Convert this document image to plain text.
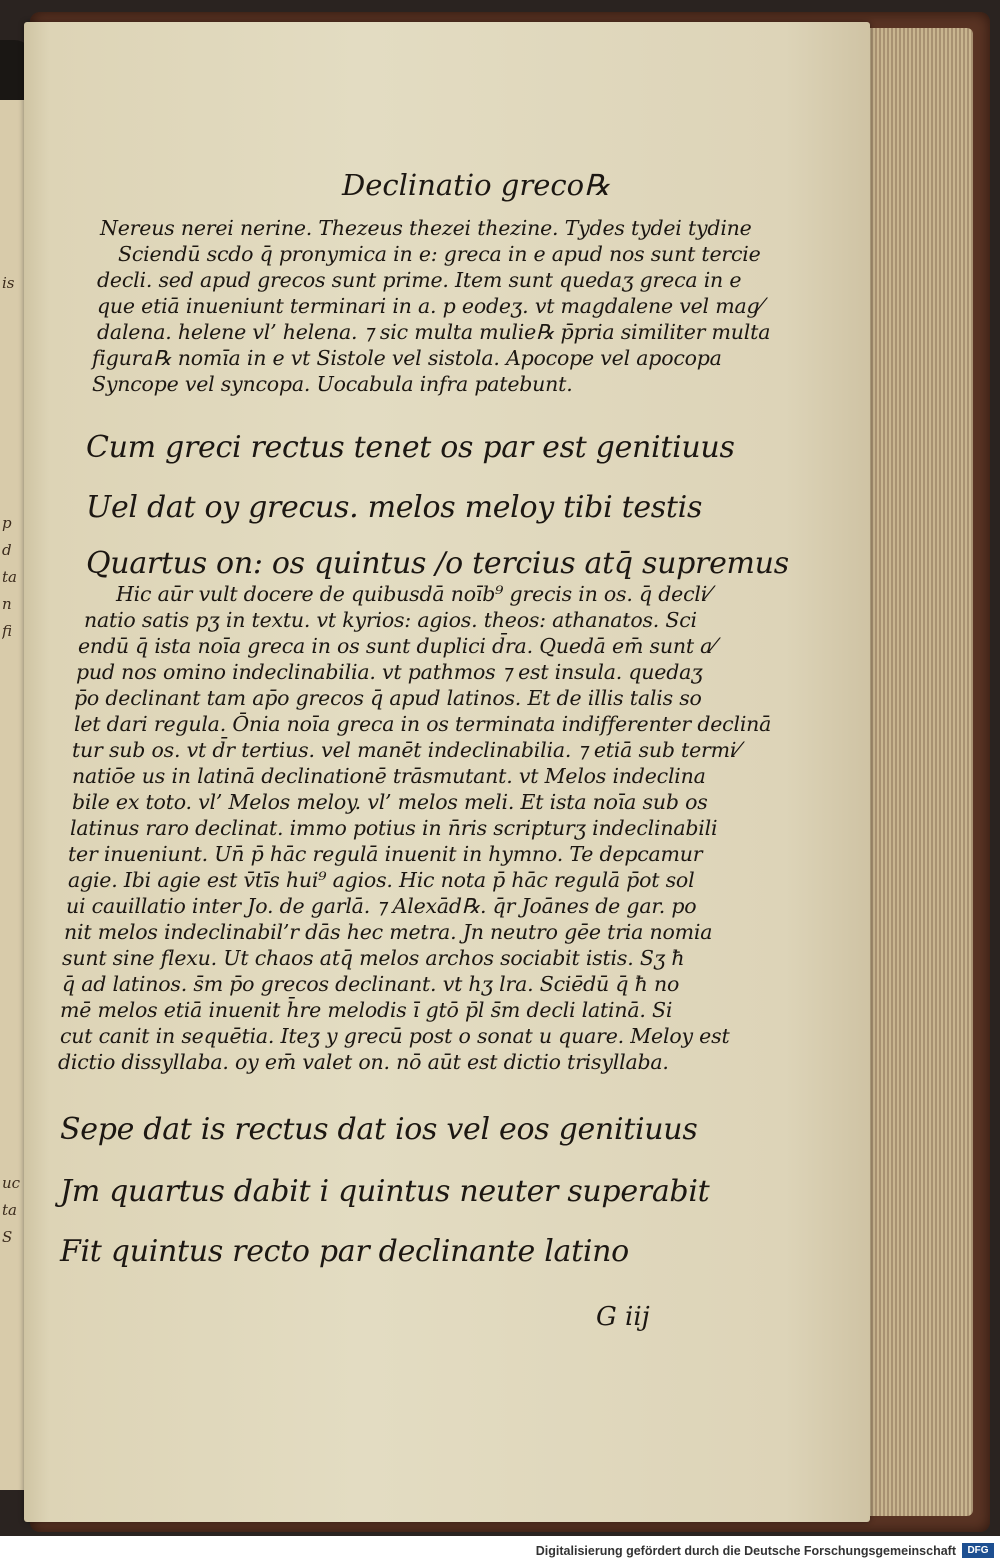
is
p
d
ta
n
fi
uc
ta
S
Declinatio greco℞
Nereus nerei nerine. Thezeus thezei thezine. Tydes tydei tydine
Sciendū scdo q̄ pronymica in e: greca in e apud nos sunt tercie
decli. sed apud grecos sunt prime. Item sunt quedaʒ greca in e
que etiā inueniunt terminari in a. p eodeʒ. vt magdalene vel mag⁄
dalena. helene vl’ helena. ⁊ sic multa mulie℞ p̄pria similiter multa
figura℞ nomīa in e vt Sistole vel sistola. Apocope vel apocopa
Syncope vel syncopa. Uocabula infra patebunt.
Cum greci rectus tenet os par est genitiuus
Uel dat oy grecus. melos meloy tibi testis
Quartus on: os quintus /o tercius atq̄ supremus
Hic aūr vult docere de quibusdā noīb⁹ grecis in os. q̄ decli⁄
natio satis pʒ in textu. vt kyrios: agios. theos: athanatos. Sci
endū q̄ ista noīa greca in os sunt duplici d̄ra. Quedā em̄ sunt a⁄
pud nos omino indeclinabilia. vt pathmos ⁊ est insula. quedaʒ
p̄o declinant tam ap̄o grecos q̄ apud latinos. Et de illis talis so
let dari regula. Ōnia noīa greca in os terminata indifferenter declinā
tur sub os. vt d̄r tertius. vel manēt indeclinabilia. ⁊ etiā sub termi⁄
natiōe us in latinā declinationē trāsmutant. vt Melos indeclina
bile ex toto. vl’ Melos meloy. vl’ melos meli. Et ista noīa sub os
latinus raro declinat. immo potius in n̄ris scripturʒ indeclinabili
ter inueniunt. Un̄ p̄ hāc regulā inuenit in hymno. Te depcamur
agie. Ibi agie est v̄tīs hui⁹ agios. Hic nota p̄ hāc regulā p̄ot sol
ui cauillatio inter Jo. de garlā. ⁊ Alexād℞. q̄r Joānes de gar. po
nit melos indeclinabil’r dās hec metra. Jn neutro gēe tria nomia
sunt sine flexu. Ut chaos atq̄ melos archos sociabit istis. Sʒ ħ
q̄ ad latinos. s̄m p̄o grecos declinant. vt hʒ lra. Sciēdū q̄ ħ no
mē melos etiā inuenit h̄re melodis ī gtō p̄l s̄m decli latinā. Si
cut canit in sequētia. Iteʒ y grecū post o sonat u quare. Meloy est
dictio dissyllaba. oy em̄ valet on. nō aūt est dictio trisyllaba.
Sepe dat is rectus dat ios vel eos genitiuus
Jm quartus dabit i quintus neuter superabit
Fit quintus recto par declinante latino
G iij
Digitalisierung gefördert durch die Deutsche Forschungsgemeinschaft	DFG
